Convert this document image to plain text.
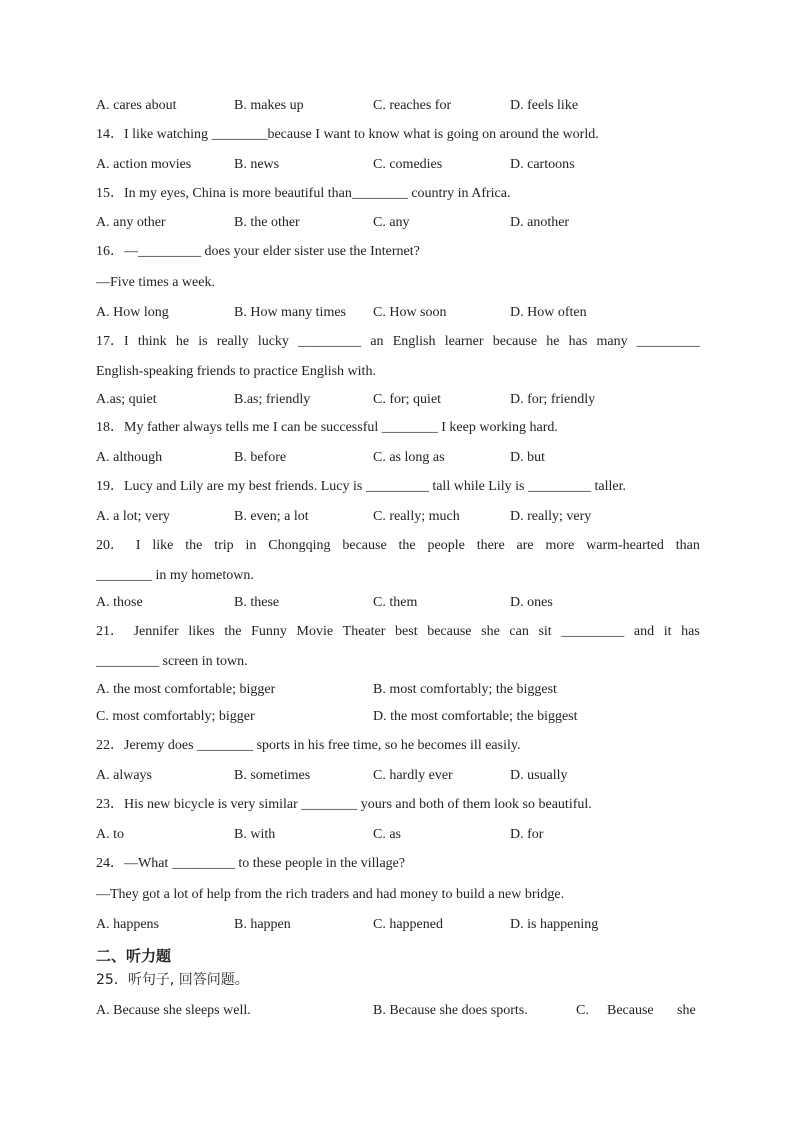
A. cares about	B. makes up	C. reaches for	D. feels like
14．I like watching ________because I want to know what is going on around the world.
A. action movies	B. news	C. comedies	D. cartoons
15．In my eyes, China is more beautiful than________ country in Africa.
A. any other	B. the other	C. any	D. another
16．—_________ does your elder sister use the Internet?
—Five times a week.
A. How long	B. How many times C. How soon	D. How often
17．I think he is really lucky _________ an English learner because he has many _________
English-speaking friends to practice English with.
A.as; quiet	B.as; friendly	C. for; quiet	D. for; friendly
18．My father always tells me I can be successful ________ I keep working hard.
A. although	B. before	C. as long as	D. but
19．Lucy and Lily are my best friends. Lucy is _________ tall while Lily is _________ taller.
A. a lot; very	B. even; a lot	C. really; much	D. really; very
20． I like the trip in Chongqing because the people there are more warm-hearted than
________ in my hometown.
A. those	B. these	C. them	D. ones
21． Jennifer likes the Funny Movie Theater best because she can sit _________ and it has
_________ screen in town.
A. the most comfortable; bigger	B. most comfortably; the biggest
C. most comfortably; bigger	D. the most comfortable; the biggest
22．Jeremy does ________ sports in his free time, so he becomes ill easily.
A. always	B. sometimes	C. hardly ever	D. usually
23．His new bicycle is very similar ________ yours and both of them look so beautiful.
A. to	B. with	C. as	D. for
24．—What _________ to these people in the village?
—They got a lot of help from the rich traders and had money to build a new bridge.
A. happens	B. happen	C. happened	D. is happening
二、听力题
25．听句子, 回答问题。
A. Because she sleeps well.	B. Because she does sports.	C. Because she
